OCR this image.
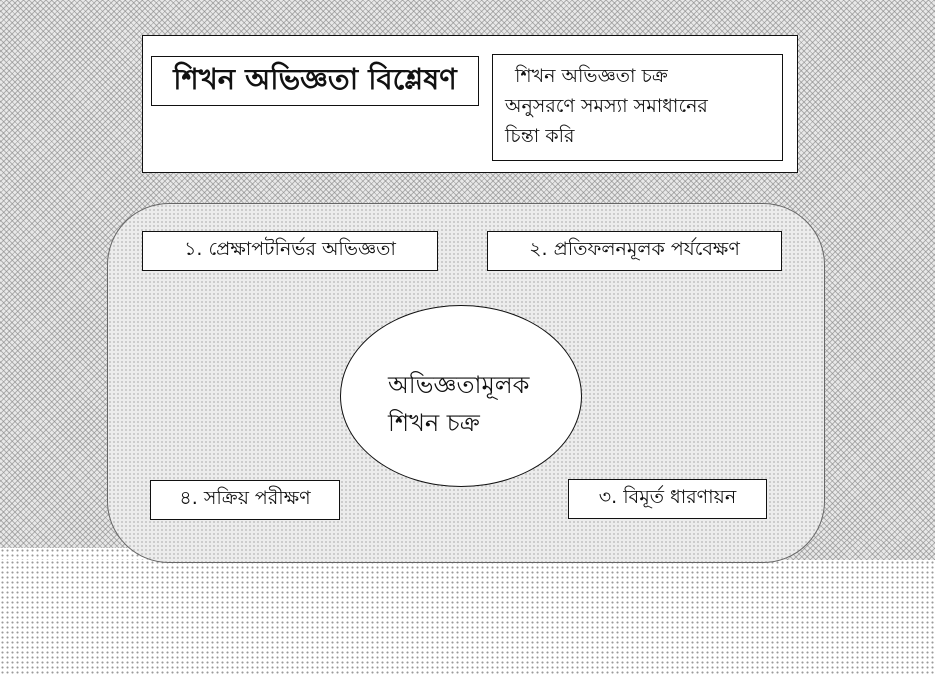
শিখন অভিজ্ঞতা বিশ্লেষণ	শিখন অভিজ্ঞতা চক্র
অনুসরণে সমস্যা সমাধানের
চিন্তা করি
১. প্রেক্ষাপটনির্ভর অভিজ্ঞতা	২. প্রতিফলনমূলক পর্যবেক্ষণ
৩. বিমূর্ত ধারণায়ন
৪. সক্রিয় পরীক্ষণ
অভিজ্ঞতামূলক
শিখন চক্র
